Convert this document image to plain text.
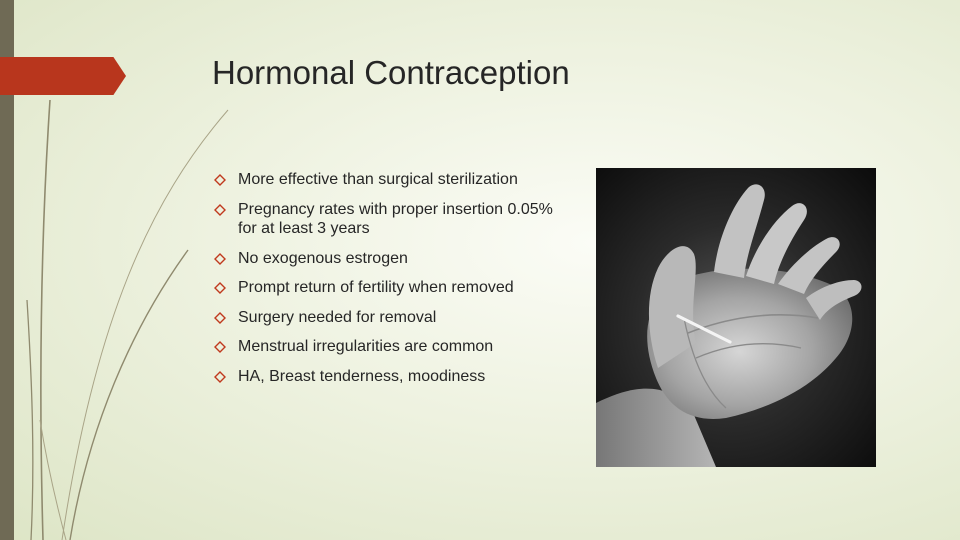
Hormonal Contraception
More effective than surgical sterilization
Pregnancy rates with proper insertion 0.05% for at least 3 years
No exogenous estrogen
Prompt return of fertility when removed
Surgery needed for removal
Menstrual irregularities are common
HA, Breast tenderness, moodiness
